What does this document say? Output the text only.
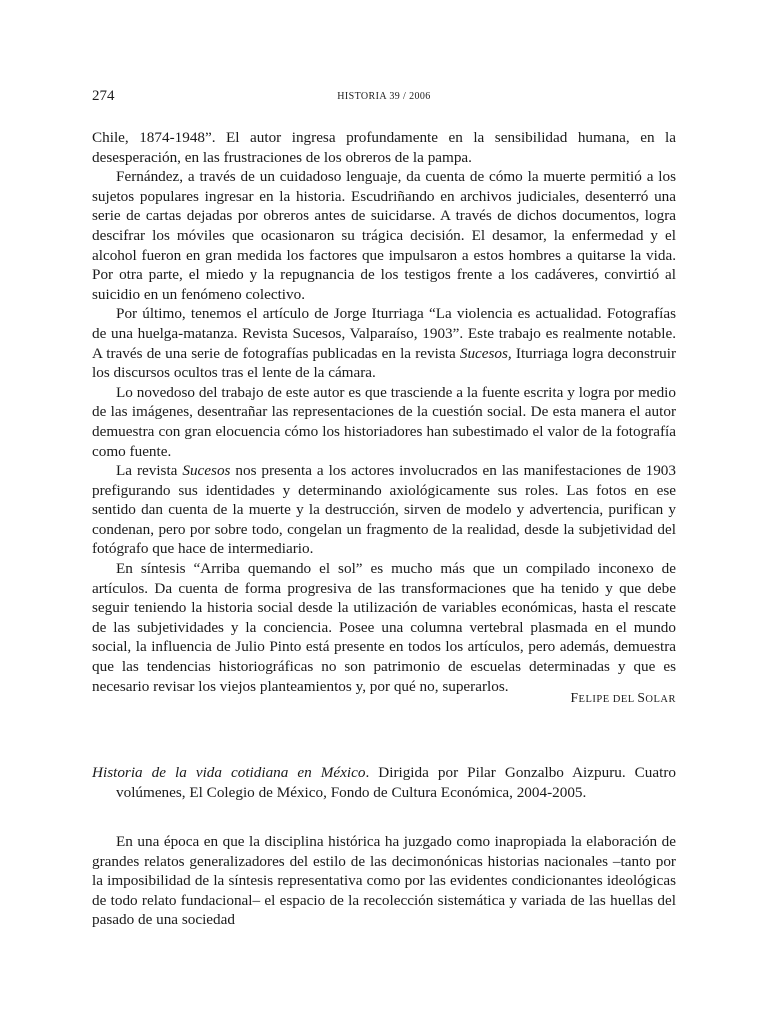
274	HISTORIA 39 / 2006

Chile, 1874-1948”. El autor ingresa profundamente en la sensibilidad humana, en la desesperación, en las frustraciones de los obreros de la pampa.

Fernández, a través de un cuidadoso lenguaje, da cuenta de cómo la muerte permitió a los sujetos populares ingresar en la historia. Escudriñando en archivos judiciales, desenterró una serie de cartas dejadas por obreros antes de suicidarse. A través de dichos documentos, logra descifrar los móviles que ocasionaron su trágica decisión. El desamor, la enfermedad y el alcohol fueron en gran medida los factores que impulsaron a estos hombres a quitarse la vida. Por otra parte, el miedo y la repugnancia de los testigos frente a los cadáveres, convirtió al suicidio en un fenómeno colectivo.

Por último, tenemos el artículo de Jorge Iturriaga “La violencia es actualidad. Fotografías de una huelga-matanza. Revista Sucesos, Valparaíso, 1903”. Este trabajo es realmente notable. A través de una serie de fotografías publicadas en la revista Sucesos, Iturriaga logra deconstruir los discursos ocultos tras el lente de la cámara.

Lo novedoso del trabajo de este autor es que trasciende a la fuente escrita y logra por medio de las imágenes, desentrañar las representaciones de la cuestión social. De esta manera el autor demuestra con gran elocuencia cómo los historiadores han subestimado el valor de la fotografía como fuente.

La revista Sucesos nos presenta a los actores involucrados en las manifestaciones de 1903 prefigurando sus identidades y determinando axiológicamente sus roles. Las fotos en ese sentido dan cuenta de la muerte y la destrucción, sirven de modelo y advertencia, purifican y condenan, pero por sobre todo, congelan un fragmento de la realidad, desde la subjetividad del fotógrafo que hace de intermediario.

En síntesis “Arriba quemando el sol” es mucho más que un compilado inconexo de artículos. Da cuenta de forma progresiva de las transformaciones que ha tenido y que debe seguir teniendo la historia social desde la utilización de variables económicas, hasta el rescate de las subjetividades y la conciencia. Posee una columna vertebral plasmada en el mundo social, la influencia de Julio Pinto está presente en todos los artículos, pero además, demuestra que las tendencias historiográficas no son patrimonio de escuelas determinadas y que es necesario revisar los viejos planteamientos y, por qué no, superarlos.

FELIPE DEL SOLAR
Historia de la vida cotidiana en México. Dirigida por Pilar Gonzalbo Aizpuru. Cuatro volúmenes, El Colegio de México, Fondo de Cultura Económica, 2004-2005.

En una época en que la disciplina histórica ha juzgado como inapropiada la elaboración de grandes relatos generalizadores del estilo de las decimonónicas historias nacionales –tanto por la imposibilidad de la síntesis representativa como por las evidentes condicionantes ideológicas de todo relato fundacional– el espacio de la recolección sistemática y variada de las huellas del pasado de una sociedad
